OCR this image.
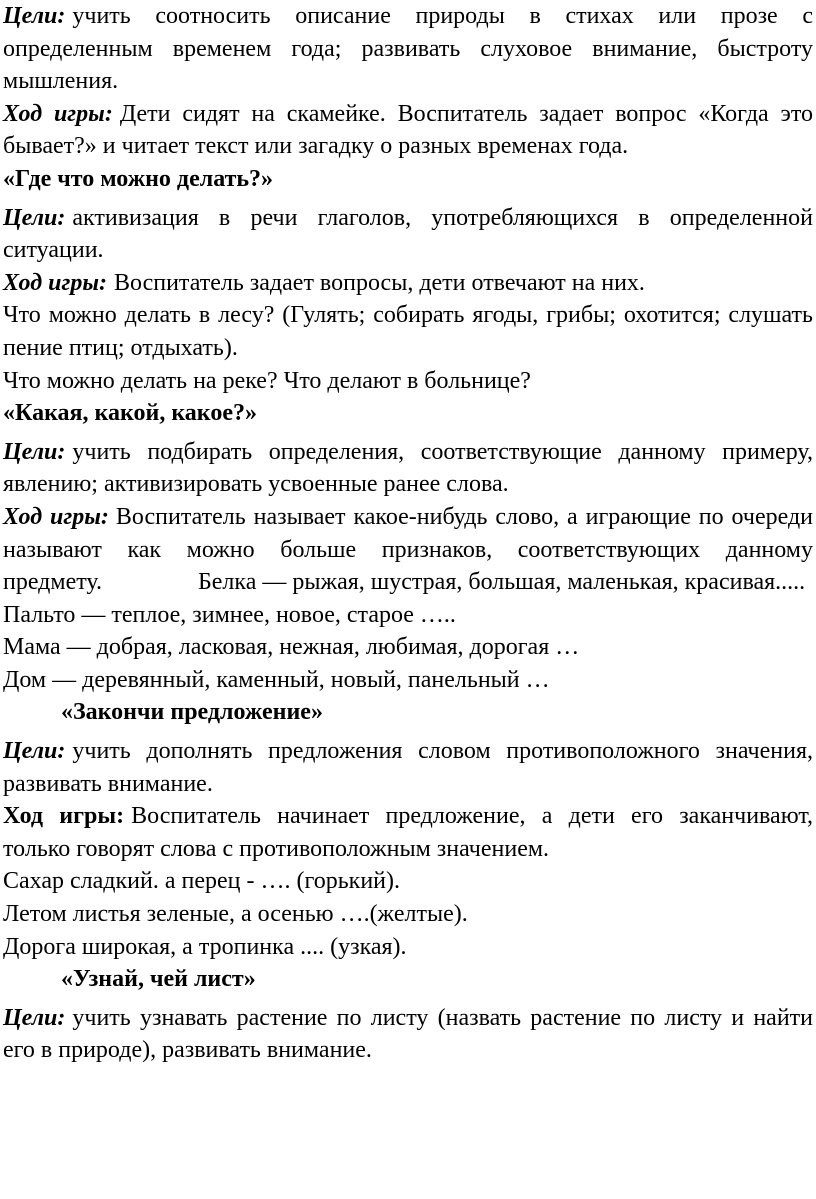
Цели: учить соотносить описание природы в стихах или прозе с определенным временем года; развивать слуховое внимание, быстроту мышления.

Ход игры: Дети сидят на скамейке. Воспитатель задает вопрос «Когда это бывает?» и читает текст или загадку о разных временах года.

«Где что можно делать?»

Цели: активизация в речи глаголов, употребляющихся в определенной ситуации.

Ход игры: Воспитатель задает вопросы, дети отвечают на них.

Что можно делать в лесу? (Гулять; собирать ягоды, грибы; охотится; слушать пение птиц; отдыхать).

Что можно делать на реке? Что делают в больнице?

«Какая, какой, какое?»

Цели: учить подбирать определения, соответствующие данному примеру, явлению; активизировать усвоенные ранее слова.

Ход игры: Воспитатель называет какое-нибудь слово, а играющие по очереди называют как можно больше признаков, соответствующих данному предмету.	Белка — рыжая, шустрая, большая, маленькая, красивая.....

Пальто — теплое, зимнее, новое, старое …..

Мама — добрая, ласковая, нежная, любимая, дорогая …

Дом — деревянный, каменный, новый, панельный …

«Закончи предложение»

Цели: учить дополнять предложения словом противоположного значения, развивать внимание.

Ход игры: Воспитатель начинает предложение, а дети его заканчивают, только говорят слова с противоположным значением.

Сахар сладкий. а перец - …. (горький).

Летом листья зеленые, а осенью ….(желтые).

Дорога широкая, а тропинка .... (узкая).

«Узнай, чей лист»

Цели: учить узнавать растение по листу (назвать растение по листу и найти его в природе), развивать внимание.
